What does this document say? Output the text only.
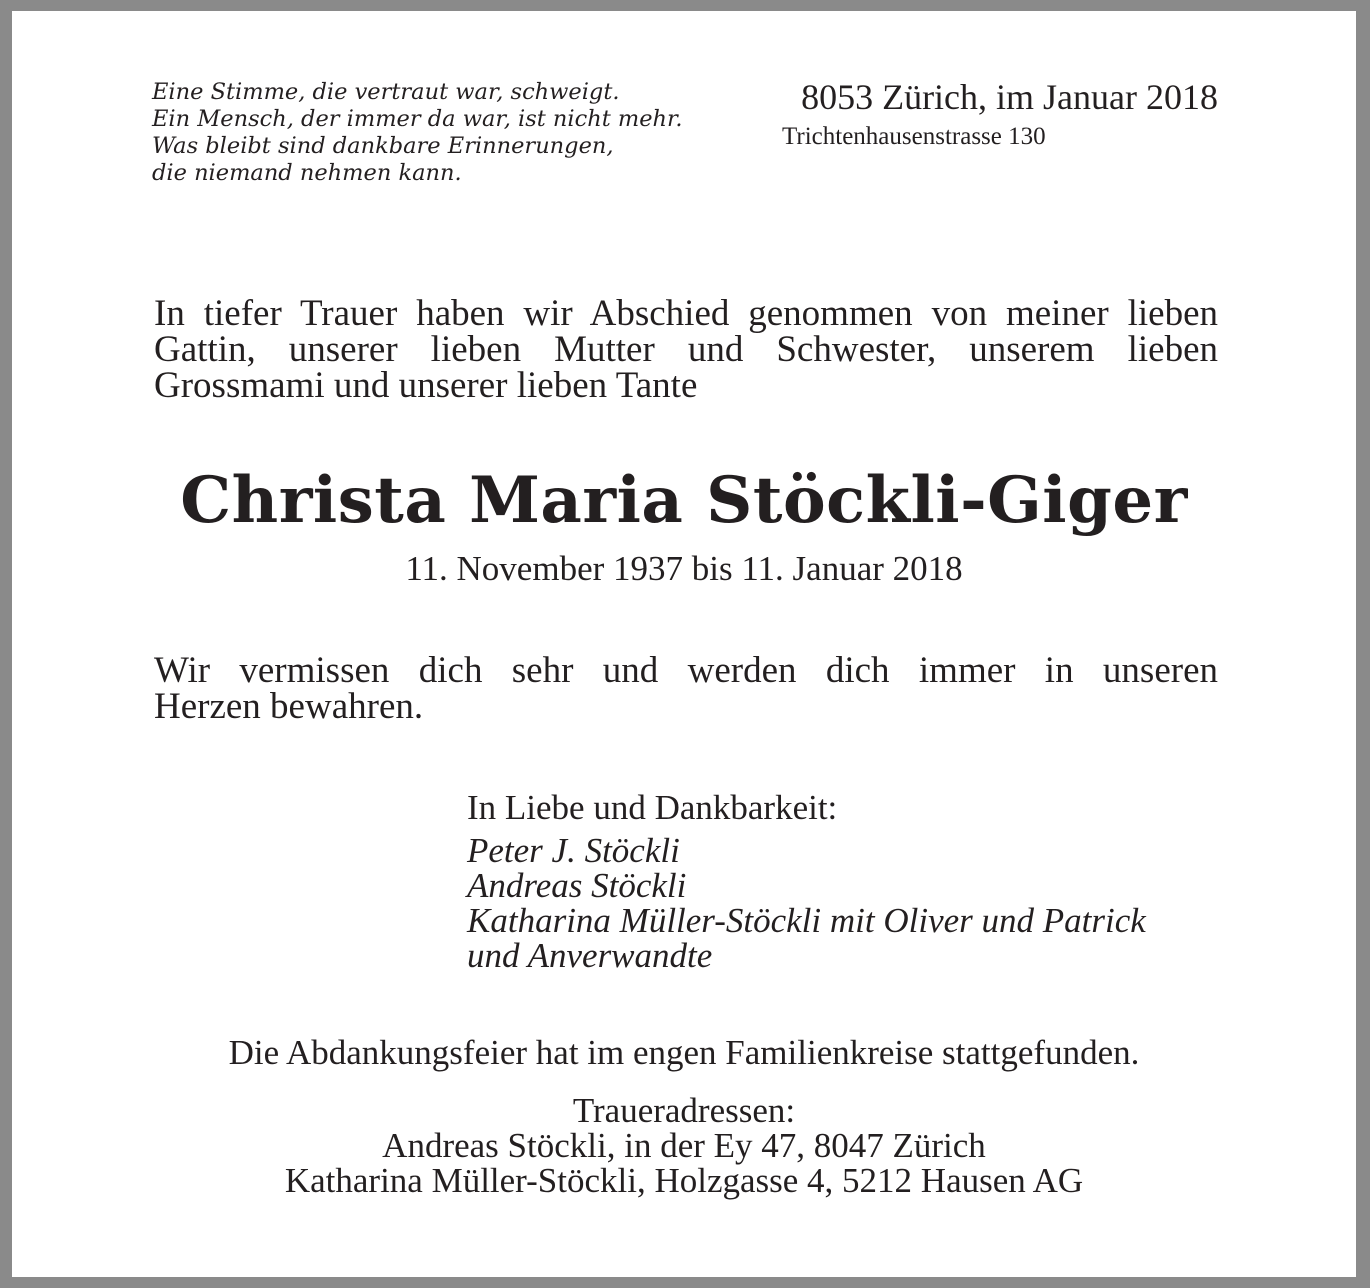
Eine Stimme, die vertraut war, schweigt.
Ein Mensch, der immer da war, ist nicht mehr.
Was bleibt sind dankbare Erinnerungen,
die niemand nehmen kann.
8053 Zürich, im Januar 2018
Trichtenhausenstrasse 130
In tiefer Trauer haben wir Abschied genommen von meiner lieben
Gattin, unserer lieben Mutter und Schwester, unserem lieben
Grossmami und unserer lieben Tante
Christa Maria Stöckli-Giger
11. November 1937 bis 11. Januar 2018
Wir vermissen dich sehr und werden dich immer in unseren
Herzen bewahren.
In Liebe und Dankbarkeit:
Peter J. Stöckli
Andreas Stöckli
Katharina Müller-Stöckli mit Oliver und Patrick
und Anverwandte
Die Abdankungsfeier hat im engen Familienkreise stattgefunden.
Traueradressen:
Andreas Stöckli, in der Ey 47, 8047 Zürich
Katharina Müller-Stöckli, Holzgasse 4, 5212 Hausen AG
